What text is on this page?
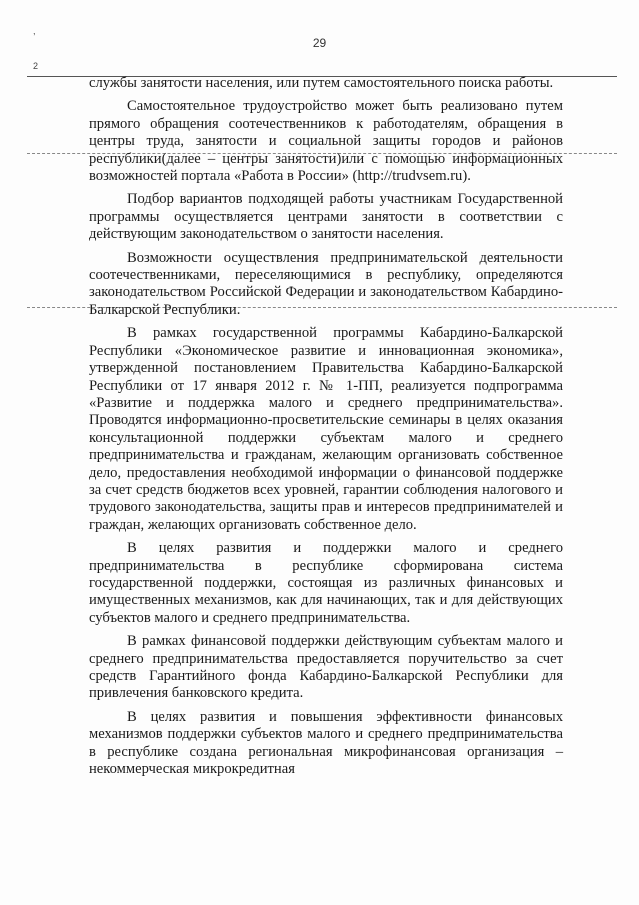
29
,
2

службы занятости населения, или путем самостоятельного поиска работы.

Самостоятельное трудоустройство может быть реализовано путем прямого обращения соотечественников к работодателям, обращения в центры труда, занятости и социальной защиты городов и районов республики(далее – центры занятости)или с помощью информационных возможностей портала «Работа в России» (http://trudvsem.ru).

Подбор вариантов подходящей работы участникам Государственной программы осуществляется центрами занятости в соответствии с действующим законодательством о занятости населения.

Возможности осуществления предпринимательской деятельности соотечественниками, переселяющимися в республику, определяются законодательством Российской Федерации и законодательством Кабардино-Балкарской Республики.

В рамках государственной программы Кабардино-Балкарской Республики «Экономическое развитие и инновационная экономика», утвержденной постановлением Правительства Кабардино-Балкарской Республики от 17 января 2012 г. № 1-ПП, реализуется подпрограмма «Развитие и поддержка малого и среднего предпринимательства». Проводятся информационно-просветительские семинары в целях оказания консультационной поддержки субъектам малого и среднего предпринимательства и гражданам, желающим организовать собственное дело, предоставления необходимой информации о финансовой поддержке за счет средств бюджетов всех уровней, гарантии соблюдения налогового и трудового законодательства, защиты прав и интересов предпринимателей и граждан, желающих организовать собственное дело.

В целях развития и поддержки малого и среднего предпринимательства в республике сформирована система государственной поддержки, состоящая из различных финансовых и имущественных механизмов, как для начинающих, так и для действующих субъектов малого и среднего предпринимательства.

В рамках финансовой поддержки действующим субъектам малого и среднего предпринимательства предоставляется поручительство за счет средств Гарантийного фонда Кабардино-Балкарской Республики для привлечения банковского кредита.

В целях развития и повышения эффективности финансовых механизмов поддержки субъектов малого и среднего предпринимательства в республике создана региональная микрофинансовая организация – некоммерческая микрокредитная
